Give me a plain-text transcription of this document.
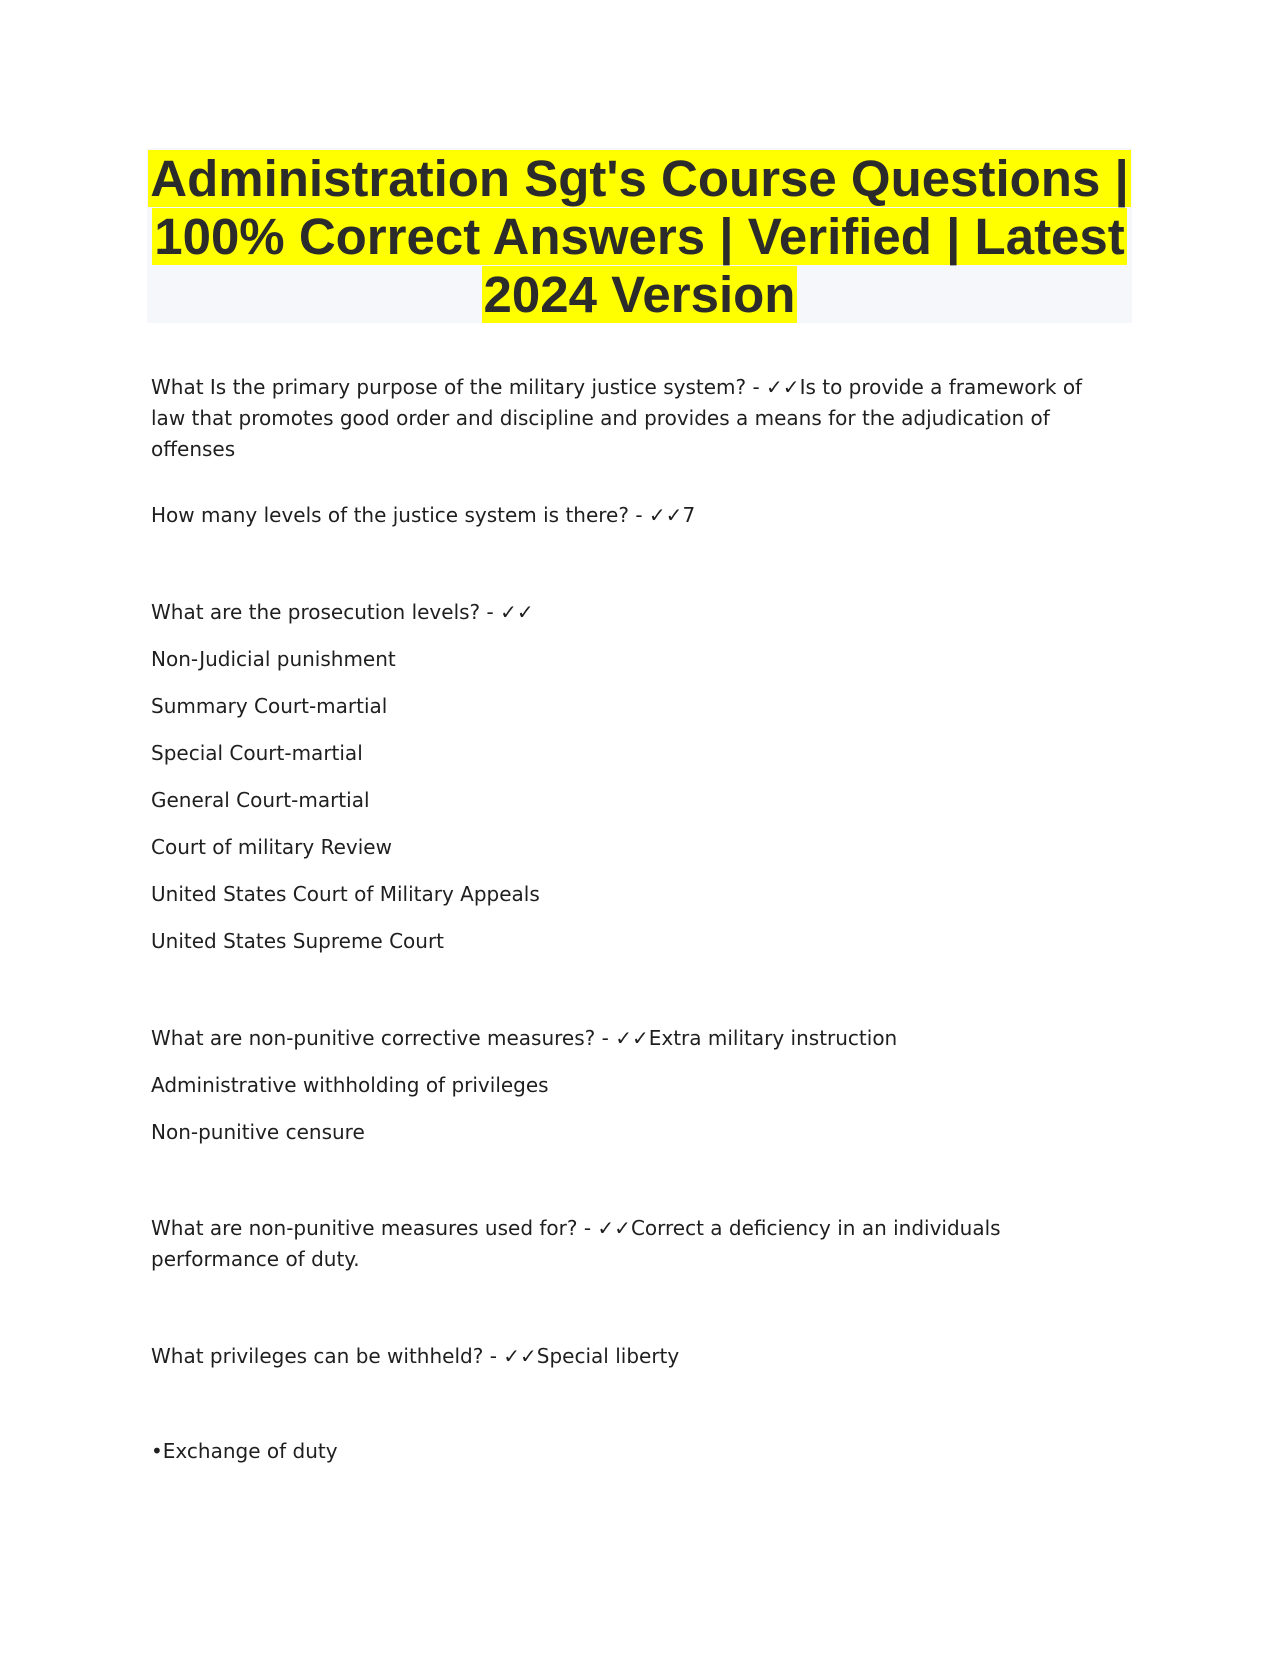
Administration Sgt's Course Questions |
100% Correct Answers | Verified | Latest
2024 Version

What Is the primary purpose of the military justice system? - ✓✓Is to provide a framework of law that promotes good order and discipline and provides a means for the adjudication of offenses

How many levels of the justice system is there? - ✓✓7

What are the prosecution levels? - ✓✓

Non-Judicial punishment

Summary Court-martial

Special Court-martial

General Court-martial

Court of military Review

United States Court of Military Appeals

United States Supreme Court

What are non-punitive corrective measures? - ✓✓Extra military instruction

Administrative withholding of privileges

Non-punitive censure

What are non-punitive measures used for? - ✓✓Correct a deficiency in an individuals performance of duty.

What privileges can be withheld? - ✓✓Special liberty

•Exchange of duty
